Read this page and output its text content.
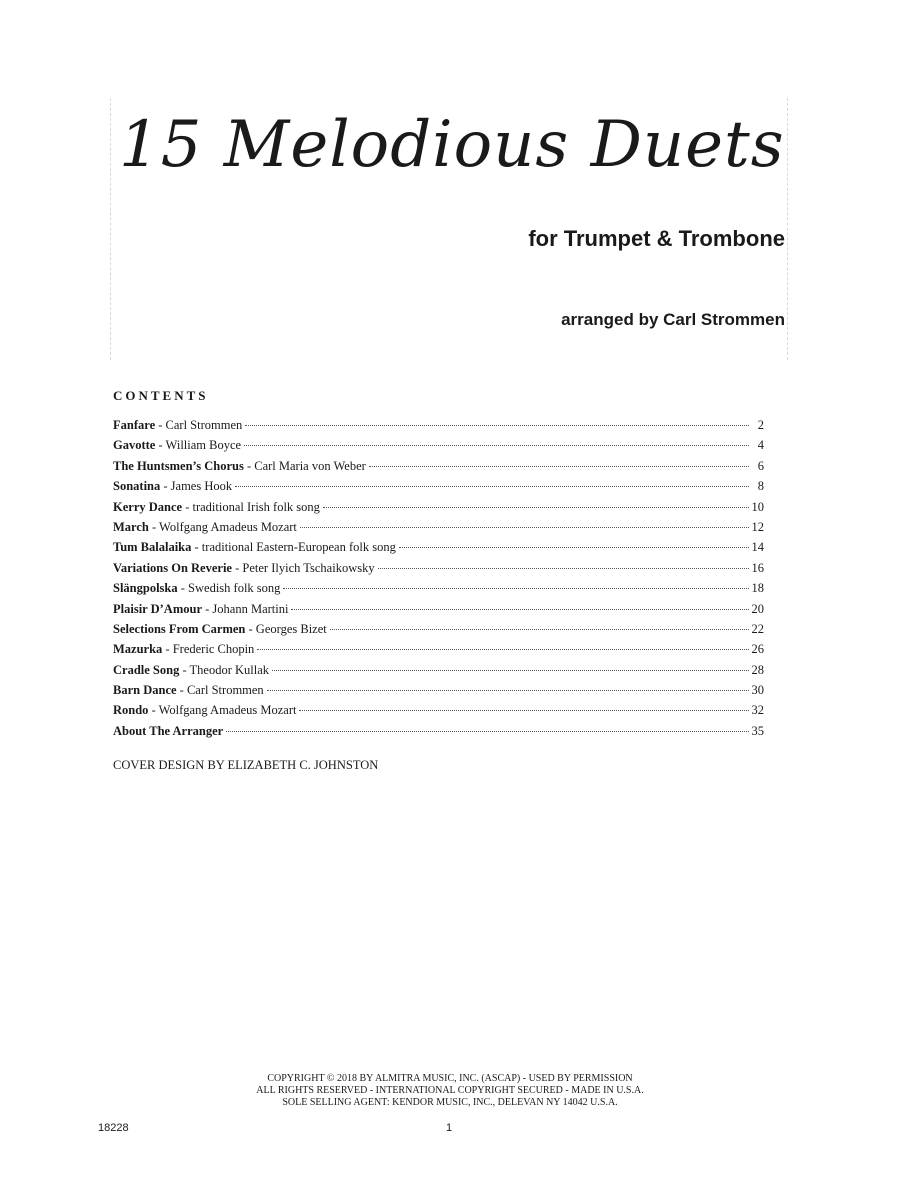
15 Melodious Duets
for Trumpet & Trombone
arranged by Carl Strommen
CONTENTS
Fanfare - Carl Strommen	2
Gavotte - William Boyce	4
The Huntsmen’s Chorus - Carl Maria von Weber	6
Sonatina - James Hook	8
Kerry Dance - traditional Irish folk song	10
March - Wolfgang Amadeus Mozart	12
Tum Balalaika - traditional Eastern-European folk song	14
Variations On Reverie - Peter Ilyich Tschaikowsky	16
Slängpolska - Swedish folk song	18
Plaisir D’Amour - Johann Martini	20
Selections From Carmen - Georges Bizet	22
Mazurka - Frederic Chopin	26
Cradle Song - Theodor Kullak	28
Barn Dance - Carl Strommen	30
Rondo - Wolfgang Amadeus Mozart	32
About The Arranger	35
COVER DESIGN BY ELIZABETH C. JOHNSTON
COPYRIGHT © 2018 BY ALMITRA MUSIC, INC. (ASCAP) - USED BY PERMISSION
ALL RIGHTS RESERVED - INTERNATIONAL COPYRIGHT SECURED - MADE IN U.S.A.
SOLE SELLING AGENT: KENDOR MUSIC, INC., DELEVAN NY 14042 U.S.A.
18228	1
